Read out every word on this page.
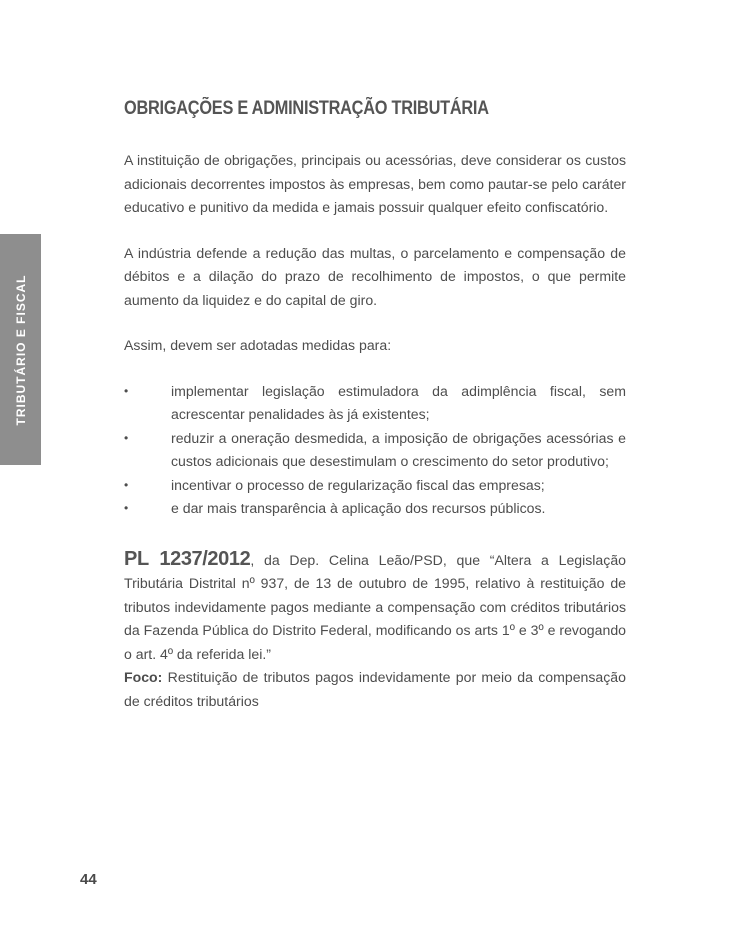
TRIBUTÁRIO E FISCAL
OBRIGAÇÕES E ADMINISTRAÇÃO TRIBUTÁRIA

A instituição de obrigações, principais ou acessórias, deve considerar os custos adicionais decorrentes impostos às empresas, bem como pautar-se pelo caráter educativo e punitivo da medida e jamais possuir qualquer efeito confiscatório.

A indústria defende a redução das multas, o parcelamento e compensação de débitos e a dilação do prazo de recolhimento de impostos, o que permite aumento da liquidez e do capital de giro.

Assim, devem ser adotadas medidas para:

•	implementar legislação estimuladora da adimplência fiscal, sem acrescentar penalidades às já existentes;
•	reduzir a oneração desmedida, a imposição de obrigações acessórias e custos adicionais que desestimulam o crescimento do setor produtivo;
•	incentivar o processo de regularização fiscal das empresas;
•	e dar mais transparência à aplicação dos recursos públicos.

PL 1237/2012, da Dep. Celina Leão/PSD, que “Altera a Legislação Tributária Distrital nº 937, de 13 de outubro de 1995, relativo à restituição de tributos indevidamente pagos mediante a compensação com créditos tributários da Fazenda Pública do Distrito Federal, modificando os arts 1º e 3º e revogando o art. 4º da referida lei.”

Foco: Restituição de tributos pagos indevidamente por meio da compensação de créditos tributários

44
